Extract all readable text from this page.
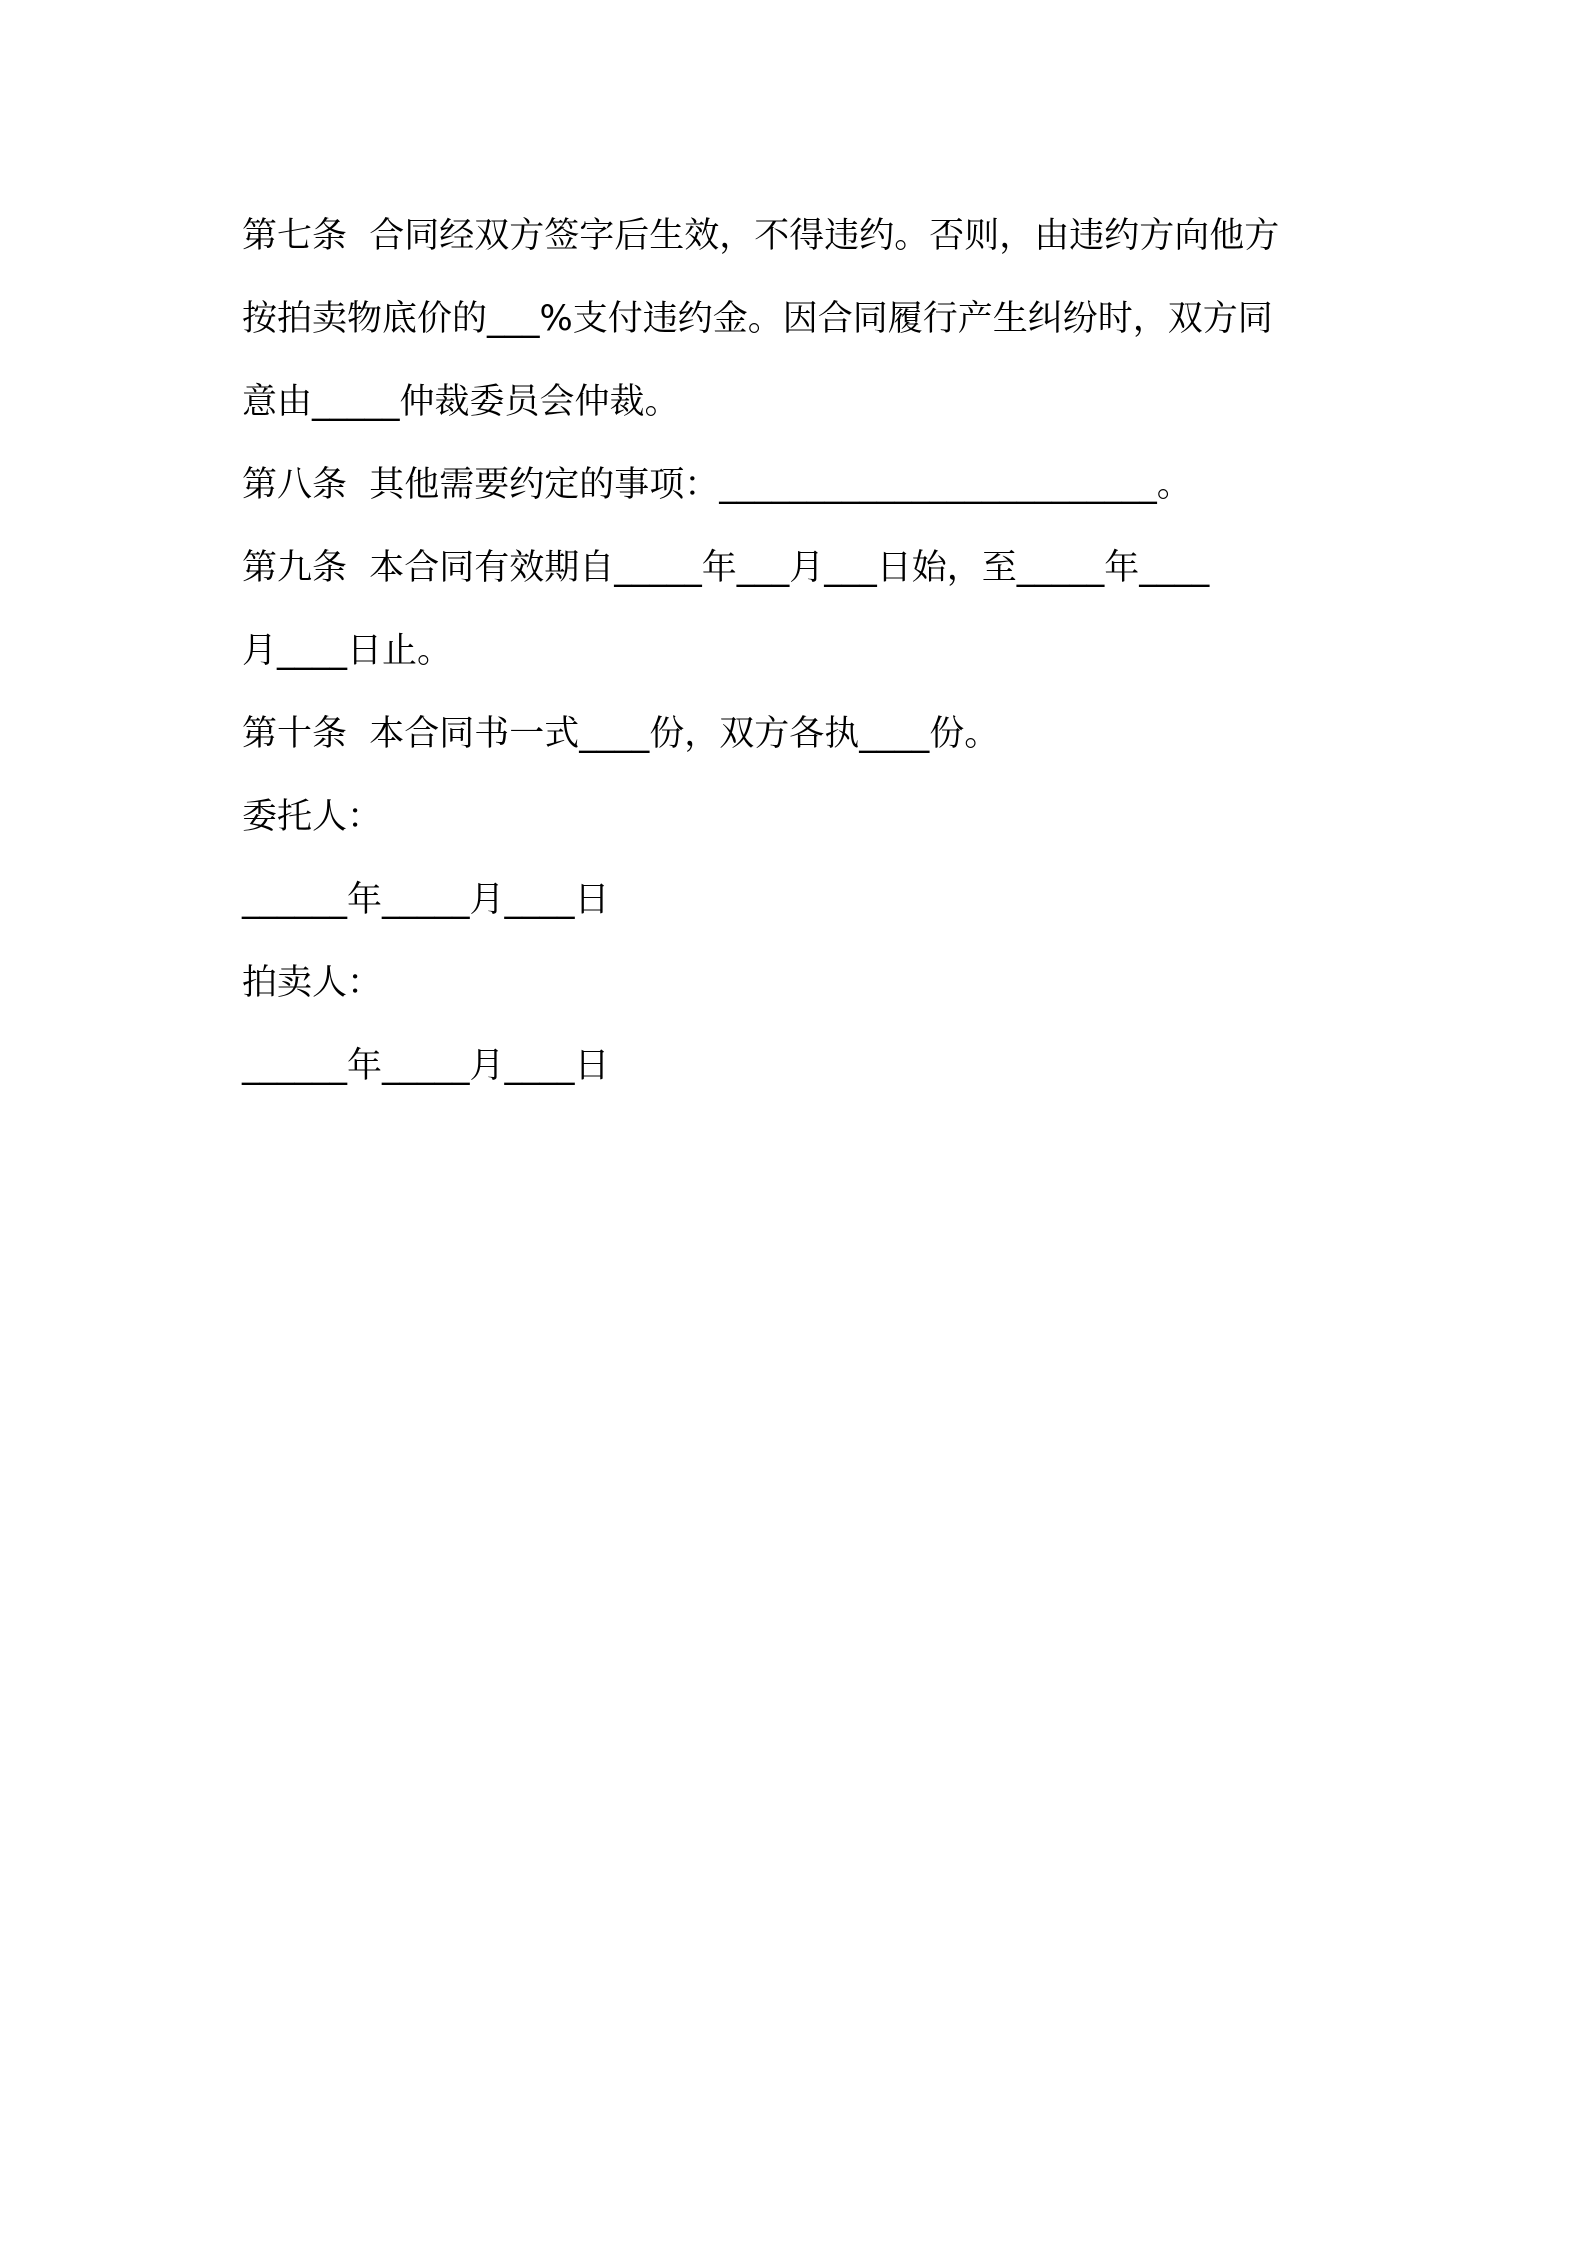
第七条  合同经双方签字后生效，不得违约。否则，由违约方向他方

按拍卖物底价的___%支付违约金。因合同履行产生纠纷时，双方同

意由_____仲裁委员会仲裁。

第八条  其他需要约定的事项：_________________________。

第九条  本合同有效期自_____年___月___日始，至_____年____

月____日止。

第十条  本合同书一式____份，双方各执____份。

委托人：

______年_____月____日

拍卖人：

______年_____月____日
